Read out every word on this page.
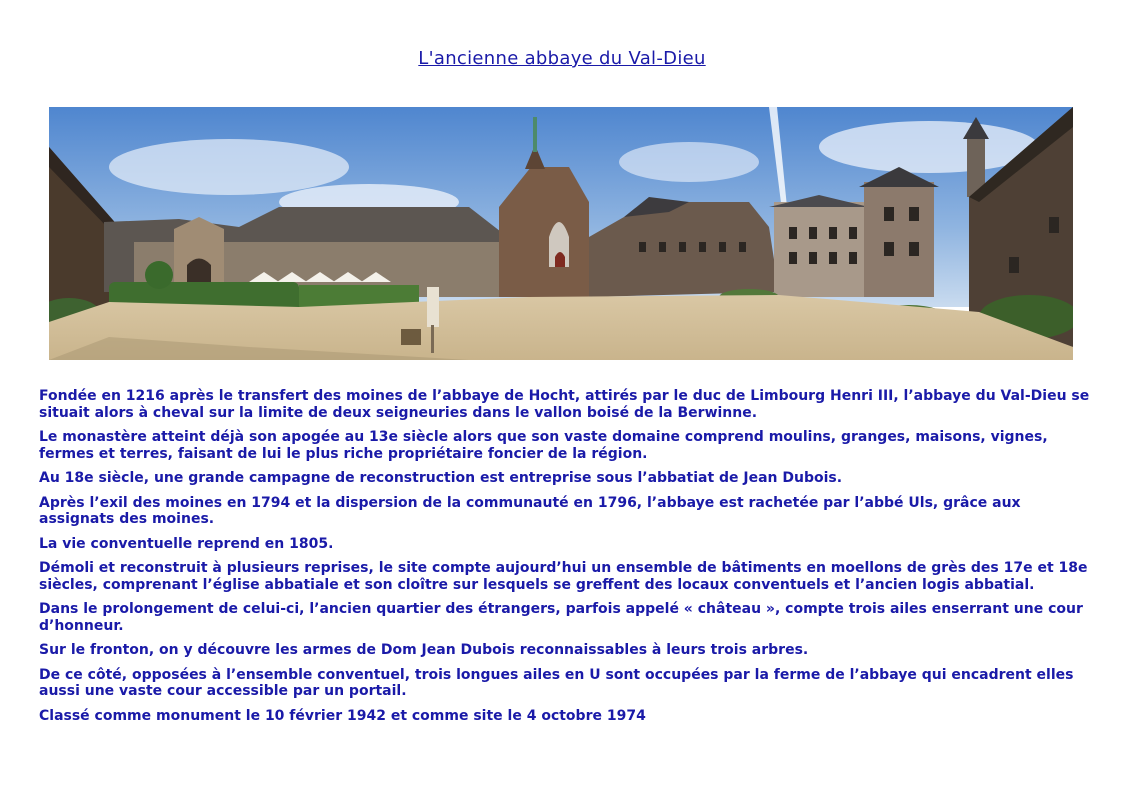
L'ancienne abbaye du Val-Dieu

Fondée en 1216 après le transfert des moines de l’abbaye de Hocht, attirés par le duc de Limbourg Henri III, l’abbaye du Val-Dieu se situait alors à cheval sur la limite de deux seigneuries dans le vallon boisé de la Berwinne.

Le monastère atteint déjà son apogée au 13e siècle alors que son vaste domaine comprend moulins, granges, maisons, vignes, fermes et terres, faisant de lui le plus riche propriétaire foncier de la région.

Au 18e siècle, une grande campagne de reconstruction est entreprise sous l’abbatiat de Jean Dubois.

Après l’exil des moines en 1794 et la dispersion de la communauté en 1796, l’abbaye est rachetée par l’abbé Uls, grâce aux assignats des moines.

La vie conventuelle reprend en 1805.

Démoli et reconstruit à plusieurs reprises, le site compte aujourd’hui un ensemble de bâtiments en moellons de grès des 17e et 18e siècles, comprenant l’église abbatiale et son cloître sur lesquels se greffent des locaux conventuels et l’ancien logis abbatial.

Dans le prolongement de celui-ci, l’ancien quartier des étrangers, parfois appelé « château », compte trois ailes enserrant une cour d’honneur.

Sur le fronton, on y découvre les armes de Dom Jean Dubois reconnaissables à leurs trois arbres.

De ce côté, opposées à l’ensemble conventuel, trois longues ailes en U sont occupées par la ferme de l’abbaye qui encadrent elles aussi une vaste cour accessible par un portail.

Classé comme monument le 10 février 1942 et comme site le 4 octobre 1974
